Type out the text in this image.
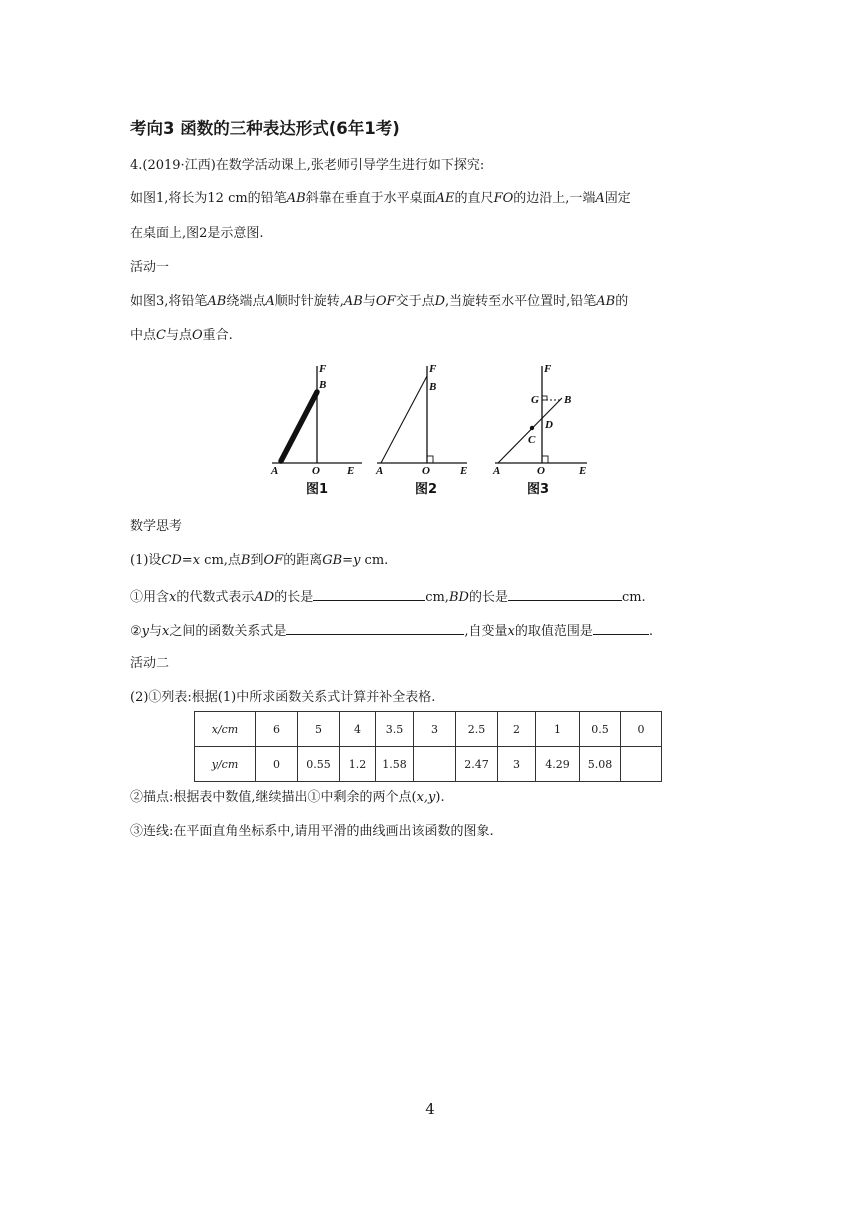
考向3 函数的三种表达形式(6年1考)
4.(2019·江西)在数学活动课上,张老师引导学生进行如下探究:
如图1,将长为12 cm的铅笔AB斜靠在垂直于水平桌面AE的直尺FO的边沿上,一端A固定
在桌面上,图2是示意图.
活动一
如图3,将铅笔AB绕端点A顺时针旋转,AB与OF交于点D,当旋转至水平位置时,铅笔AB的
中点C与点O重合.
F
B
A	O E
图1
F
B
A	O	E
图2
F
G B
D
C
A	O	E
图3
数学思考
(1)设CD=x cm,点B到OF的距离GB=y cm.
①用含x的代数式表示AD的长是	cm,BD的长是	cm.
②y与x之间的函数关系式是	,自变量x的取值范围是	.
活动二
(2)①列表:根据(1)中所求函数关系式计算并补全表格.
x/cm	6	5	4	3.5	3	2.5	2	1	0.5	0
y/cm	0	0.55	1.2	1.58		2.47	3	4.29	5.08	
②描点:根据表中数值,继续描出①中剩余的两个点(x,y).
③连线:在平面直角坐标系中,请用平滑的曲线画出该函数的图象.
4
